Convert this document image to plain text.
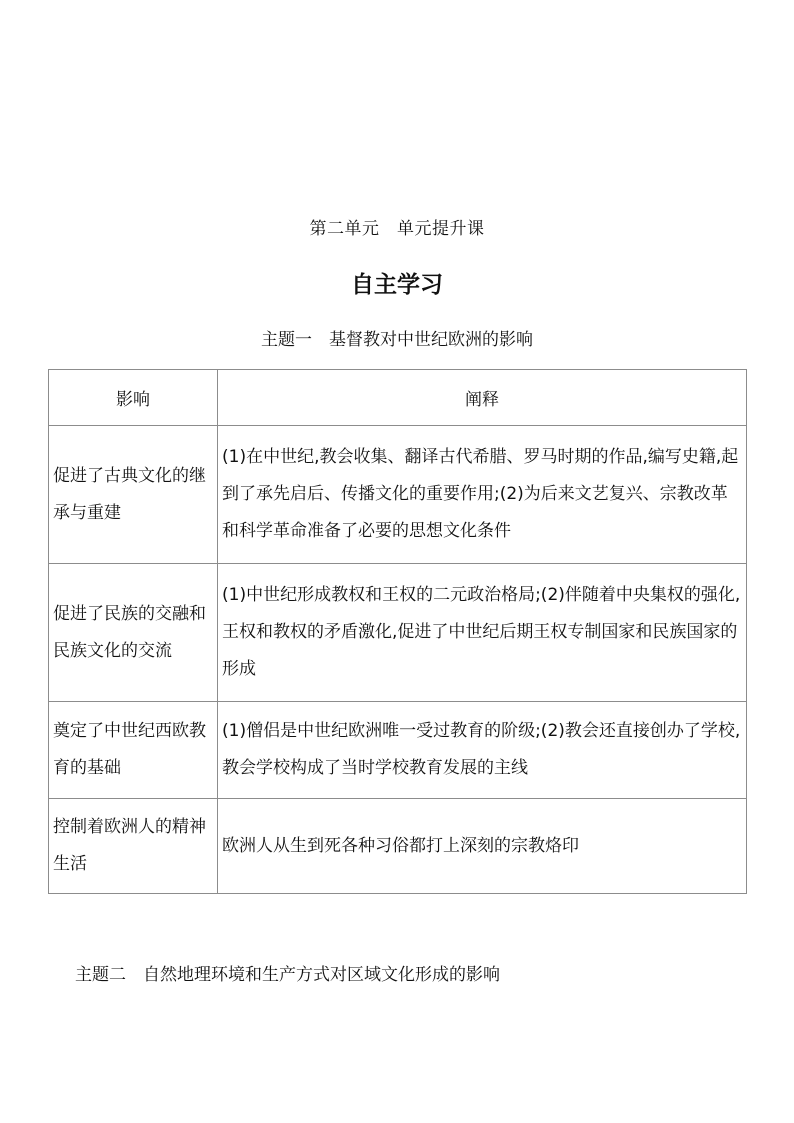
第二单元　单元提升课
自主学习
主题一　基督教对中世纪欧洲的影响
影响	阐释
促进了古典文化的继承与重建	(1)在中世纪,教会收集、翻译古代希腊、罗马时期的作品,编写史籍,起到了承先启后、传播文化的重要作用;(2)为后来文艺复兴、宗教改革和科学革命准备了必要的思想文化条件
促进了民族的交融和民族文化的交流	(1)中世纪形成教权和王权的二元政治格局;(2)伴随着中央集权的强化,王权和教权的矛盾激化,促进了中世纪后期王权专制国家和民族国家的形成
奠定了中世纪西欧教育的基础	(1)僧侣是中世纪欧洲唯一受过教育的阶级;(2)教会还直接创办了学校,教会学校构成了当时学校教育发展的主线
控制着欧洲人的精神生活	欧洲人从生到死各种习俗都打上深刻的宗教烙印
主题二　自然地理环境和生产方式对区域文化形成的影响
